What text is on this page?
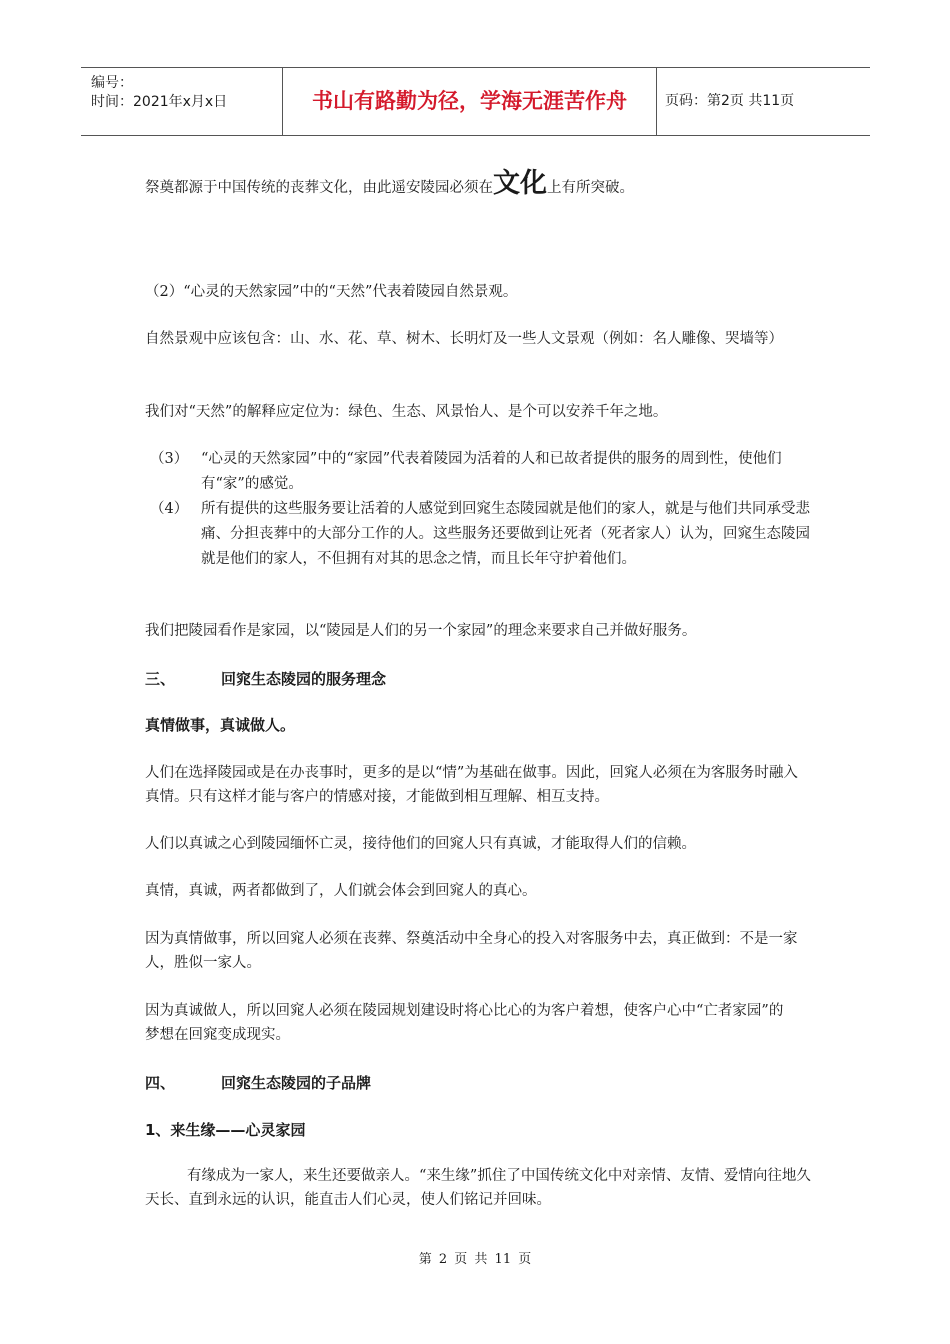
编号：
时间：2021年x月x日	书山有路勤为径，学海无涯苦作舟	页码：第2页 共11页

祭奠都源于中国传统的丧葬文化，由此遥安陵园必须在文化上有所突破。

（2）“心灵的天然家园”中的“天然”代表着陵园自然景观。

自然景观中应该包含：山、水、花、草、树木、长明灯及一些人文景观（例如：名人雕像、哭墙等）

我们对“天然”的解释应定位为：绿色、生态、风景怡人、是个可以安养千年之地。

（3） “心灵的天然家园”中的“家园”代表着陵园为活着的人和已故者提供的服务的周到性，使他们有“家”的感觉。

（4） 所有提供的这些服务要让活着的人感觉到回窕生态陵园就是他们的家人，就是与他们共同承受悲痛、分担丧葬中的大部分工作的人。这些服务还要做到让死者（死者家人）认为，回窕生态陵园就是他们的家人，不但拥有对其的思念之情，而且长年守护着他们。

我们把陵园看作是家园，以“陵园是人们的另一个家园”的理念来要求自己并做好服务。

三、	回窕生态陵园的服务理念

真情做事，真诚做人。

人们在选择陵园或是在办丧事时，更多的是以“情”为基础在做事。因此，回窕人必须在为客服务时融入真情。只有这样才能与客户的情感对接，才能做到相互理解、相互支持。

人们以真诚之心到陵园缅怀亡灵，接待他们的回窕人只有真诚，才能取得人们的信赖。

真情，真诚，两者都做到了，人们就会体会到回窕人的真心。

因为真情做事，所以回窕人必须在丧葬、祭奠活动中全身心的投入对客服务中去，真正做到：不是一家人，胜似一家人。

因为真诚做人，所以回窕人必须在陵园规划建设时将心比心的为客户着想，使客户心中“亡者家园”的梦想在回窕变成现实。

四、	回窕生态陵园的子品牌

1、来生缘——心灵家园

有缘成为一家人，来生还要做亲人。“来生缘”抓住了中国传统文化中对亲情、友情、爱情向往地久天长、直到永远的认识，能直击人们心灵，使人们铭记并回味。

第 2 页 共 11 页
